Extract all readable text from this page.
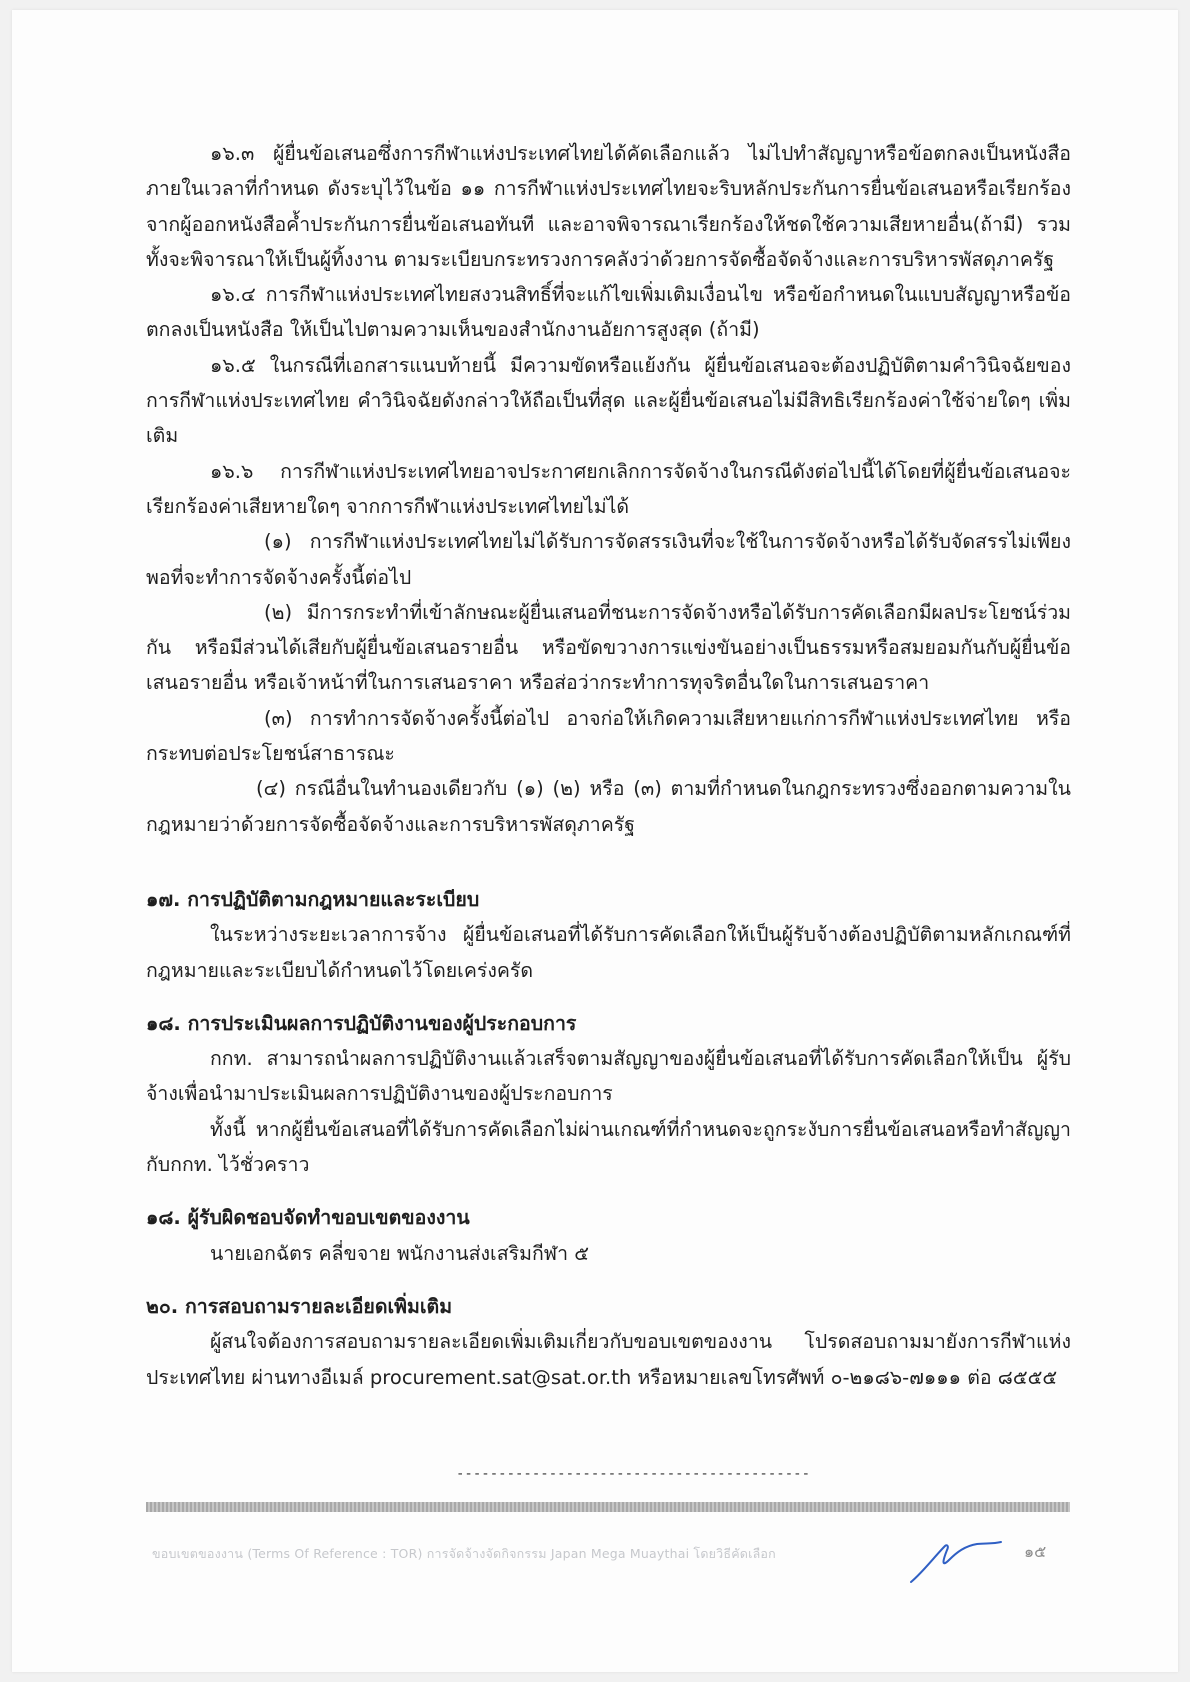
๑๖.๓ ผู้ยื่นข้อเสนอซึ่งการกีฬาแห่งประเทศไทยได้คัดเลือกแล้ว ไม่ไปทำสัญญาหรือข้อตกลงเป็นหนังสือภายในเวลาที่กำหนด ดังระบุไว้ในข้อ ๑๑ การกีฬาแห่งประเทศไทยจะริบหลักประกันการยื่นข้อเสนอหรือเรียกร้องจากผู้ออกหนังสือค้ำประกันการยื่นข้อเสนอทันที และอาจพิจารณาเรียกร้องให้ชดใช้ความเสียหายอื่น(ถ้ามี) รวมทั้งจะพิจารณาให้เป็นผู้ทิ้งงาน ตามระเบียบกระทรวงการคลังว่าด้วยการจัดซื้อจัดจ้างและการบริหารพัสดุภาครัฐ

๑๖.๔ การกีฬาแห่งประเทศไทยสงวนสิทธิ์ที่จะแก้ไขเพิ่มเติมเงื่อนไข หรือข้อกำหนดในแบบสัญญาหรือข้อตกลงเป็นหนังสือ ให้เป็นไปตามความเห็นของสำนักงานอัยการสูงสุด (ถ้ามี)

๑๖.๕ ในกรณีที่เอกสารแนบท้ายนี้ มีความขัดหรือแย้งกัน ผู้ยื่นข้อเสนอจะต้องปฏิบัติตามคำวินิจฉัยของการกีฬาแห่งประเทศไทย คำวินิจฉัยดังกล่าวให้ถือเป็นที่สุด และผู้ยื่นข้อเสนอไม่มีสิทธิเรียกร้องค่าใช้จ่ายใดๆ เพิ่มเติม

๑๖.๖ การกีฬาแห่งประเทศไทยอาจประกาศยกเลิกการจัดจ้างในกรณีดังต่อไปนี้ได้โดยที่ผู้ยื่นข้อเสนอจะเรียกร้องค่าเสียหายใดๆ จากการกีฬาแห่งประเทศไทยไม่ได้

(๑) การกีฬาแห่งประเทศไทยไม่ได้รับการจัดสรรเงินที่จะใช้ในการจัดจ้างหรือได้รับจัดสรรไม่เพียงพอที่จะทำการจัดจ้างครั้งนี้ต่อไป

(๒) มีการกระทำที่เข้าลักษณะผู้ยื่นเสนอที่ชนะการจัดจ้างหรือได้รับการคัดเลือกมีผลประโยชน์ร่วมกัน หรือมีส่วนได้เสียกับผู้ยื่นข้อเสนอรายอื่น หรือขัดขวางการแข่งขันอย่างเป็นธรรมหรือสมยอมกันกับผู้ยื่นข้อเสนอรายอื่น หรือเจ้าหน้าที่ในการเสนอราคา หรือส่อว่ากระทำการทุจริตอื่นใดในการเสนอราคา

(๓) การทำการจัดจ้างครั้งนี้ต่อไป อาจก่อให้เกิดความเสียหายแก่การกีฬาแห่งประเทศไทย หรือกระทบต่อประโยชน์สาธารณะ

(๔) กรณีอื่นในทำนองเดียวกับ (๑) (๒) หรือ (๓) ตามที่กำหนดในกฎกระทรวงซึ่งออกตามความในกฎหมายว่าด้วยการจัดซื้อจัดจ้างและการบริหารพัสดุภาครัฐ

๑๗. การปฏิบัติตามกฎหมายและระเบียบ

ในระหว่างระยะเวลาการจ้าง ผู้ยื่นข้อเสนอที่ได้รับการคัดเลือกให้เป็นผู้รับจ้างต้องปฏิบัติตามหลักเกณฑ์ที่กฎหมายและระเบียบได้กำหนดไว้โดยเคร่งครัด

๑๘. การประเมินผลการปฏิบัติงานของผู้ประกอบการ

กกท. สามารถนำผลการปฏิบัติงานแล้วเสร็จตามสัญญาของผู้ยื่นข้อเสนอที่ได้รับการคัดเลือกให้เป็น ผู้รับจ้างเพื่อนำมาประเมินผลการปฏิบัติงานของผู้ประกอบการ

ทั้งนี้ หากผู้ยื่นข้อเสนอที่ได้รับการคัดเลือกไม่ผ่านเกณฑ์ที่กำหนดจะถูกระงับการยื่นข้อเสนอหรือทำสัญญากับกกท. ไว้ชั่วคราว

๑๘. ผู้รับผิดชอบจัดทำขอบเขตของงาน

นายเอกฉัตร คลี่ขจาย พนักงานส่งเสริมกีฬา ๕

๒๐. การสอบถามรายละเอียดเพิ่มเติม

ผู้สนใจต้องการสอบถามรายละเอียดเพิ่มเติมเกี่ยวกับขอบเขตของงาน โปรดสอบถามมายังการกีฬาแห่งประเทศไทย ผ่านทางอีเมล์ procurement.sat@sat.or.th หรือหมายเลขโทรศัพท์ ๐-๒๑๘๖-๗๑๑๑ ต่อ ๘๕๕๕

------------------------------------------
ขอบเขตของงาน (Terms Of Reference : TOR) การจัดจ้างจัดกิจกรรม Japan Mega Muaythai โดยวิธีคัดเลือก	๑๕
